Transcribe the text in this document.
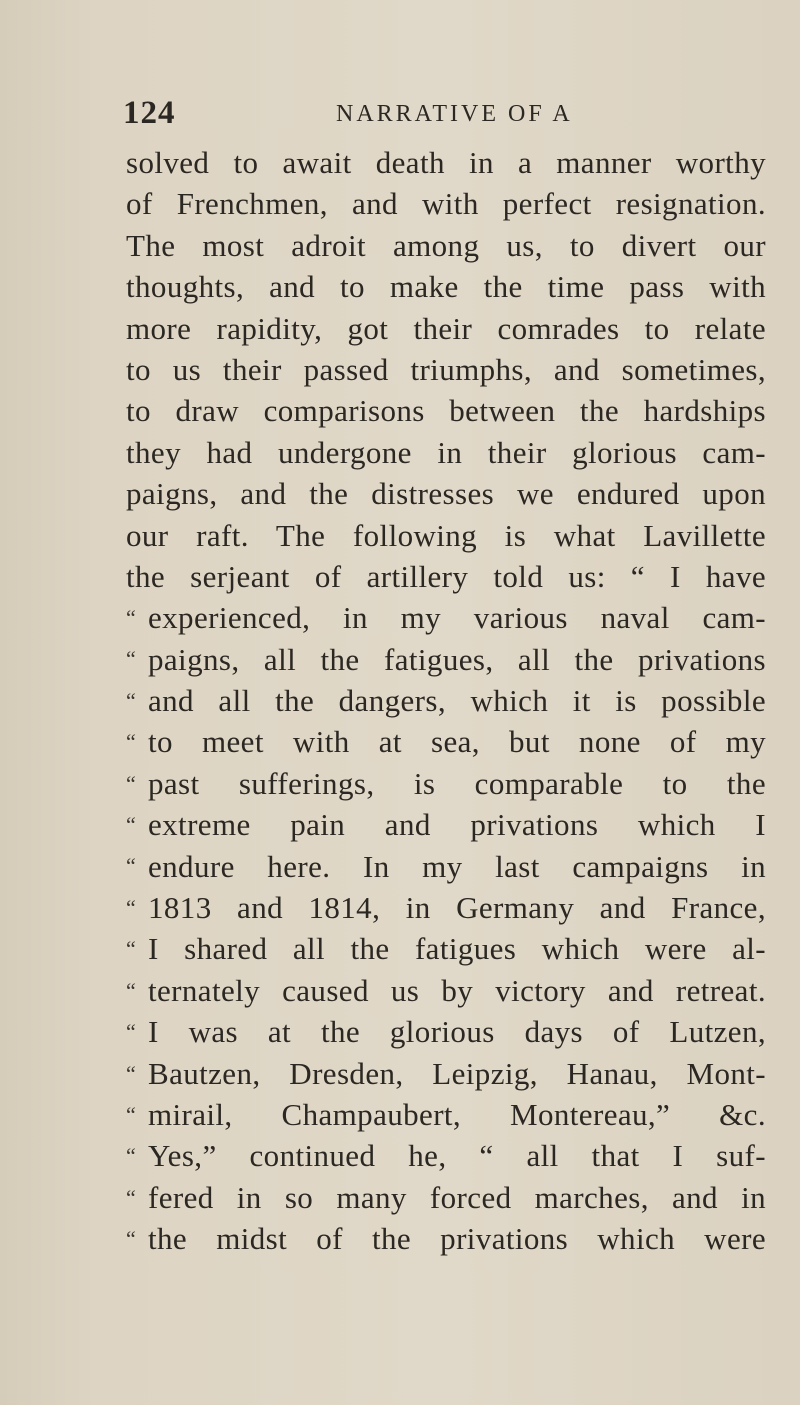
124	NARRATIVE OF A
solved to await death in a manner worthy
of Frenchmen, and with perfect resignation.
The most adroit among us, to divert our
thoughts, and to make the time pass with
more rapidity, got their comrades to relate
to us their passed triumphs, and sometimes,
to draw comparisons between the hardships
they had undergone in their glorious cam-
paigns, and the distresses we endured upon
our raft. The following is what Lavillette
the serjeant of artillery told us: “ I have
experienced, in my various naval cam-
paigns, all the fatigues, all the privations
and all the dangers, which it is possible
to meet with at sea, but none of my
past sufferings, is comparable to the
extreme pain and privations which I
endure here. In my last campaigns in
1813 and 1814, in Germany and France,
I shared all the fatigues which were al-
ternately caused us by victory and retreat.
I was at the glorious days of Lutzen,
Bautzen, Dresden, Leipzig, Hanau, Mont-
mirail, Champaubert, Montereau,” &c.
Yes,” continued he, “ all that I suf-
fered in so many forced marches, and in
the midst of the privations which were
“
“
“
“
“
“
“
“
“
“
“
“
“
“
“
“
